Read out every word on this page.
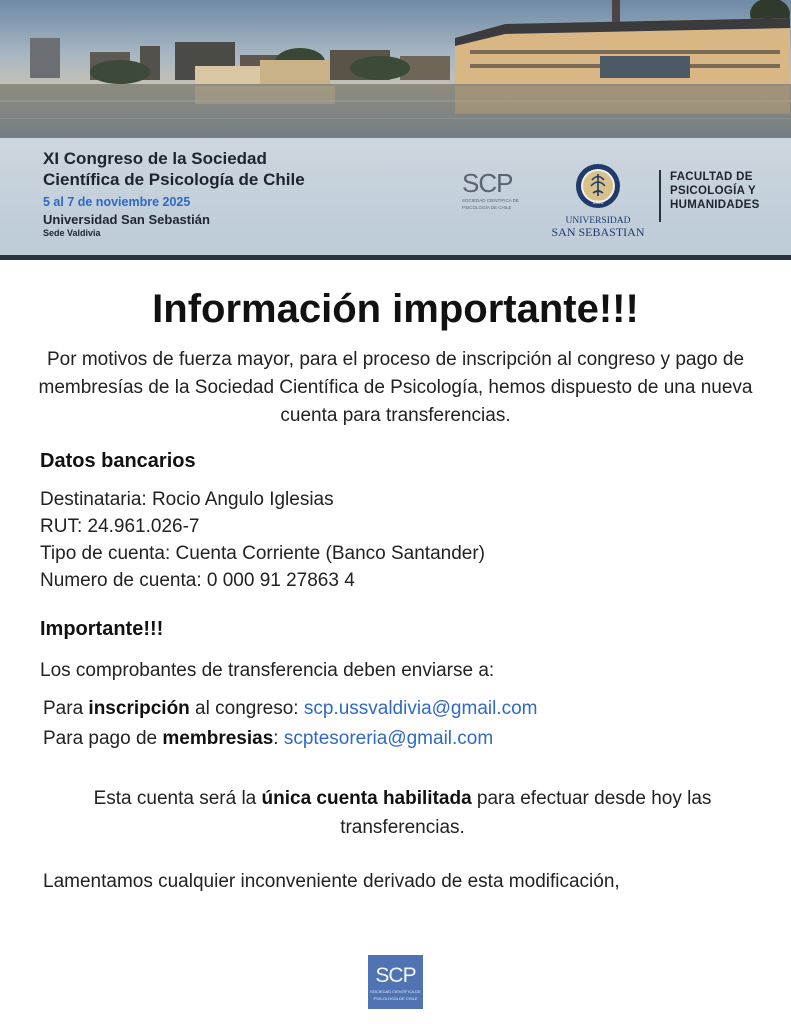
XI Congreso de la Sociedad
Científica de Psicología de Chile
5 al 7 de noviembre 2025
Universidad San Sebastián
Sede Valdivia
SCP
SOCIEDAD CIENTÍFICA DE
PSICOLOGÍA DE CHILE
1989
UNIVERSIDAD
SAN SEBASTIAN
FACULTAD DE
PSICOLOGÍA Y
HUMANIDADES
Información importante!!!
Por motivos de fuerza mayor, para el proceso de inscripción al congreso y pago de membresías de la Sociedad Científica de Psicología, hemos dispuesto de una nueva cuenta para transferencias.
Datos bancarios
Destinataria: Rocio Angulo Iglesias
RUT: 24.961.026-7
Tipo de cuenta: Cuenta Corriente (Banco Santander)
Numero de cuenta: 0 000 91 27863 4
Importante!!!
Los comprobantes de transferencia deben enviarse a:
Para inscripción al congreso: scp.ussvaldivia@gmail.com
Para pago de membresias: scptesoreria@gmail.com
Esta cuenta será la única cuenta habilitada para efectuar desde hoy las transferencias.
Lamentamos cualquier inconveniente derivado de esta modificación,
SCP
SOCIEDAD CIENTÍFICA DE
PSICOLOGÍA DE CHILE
